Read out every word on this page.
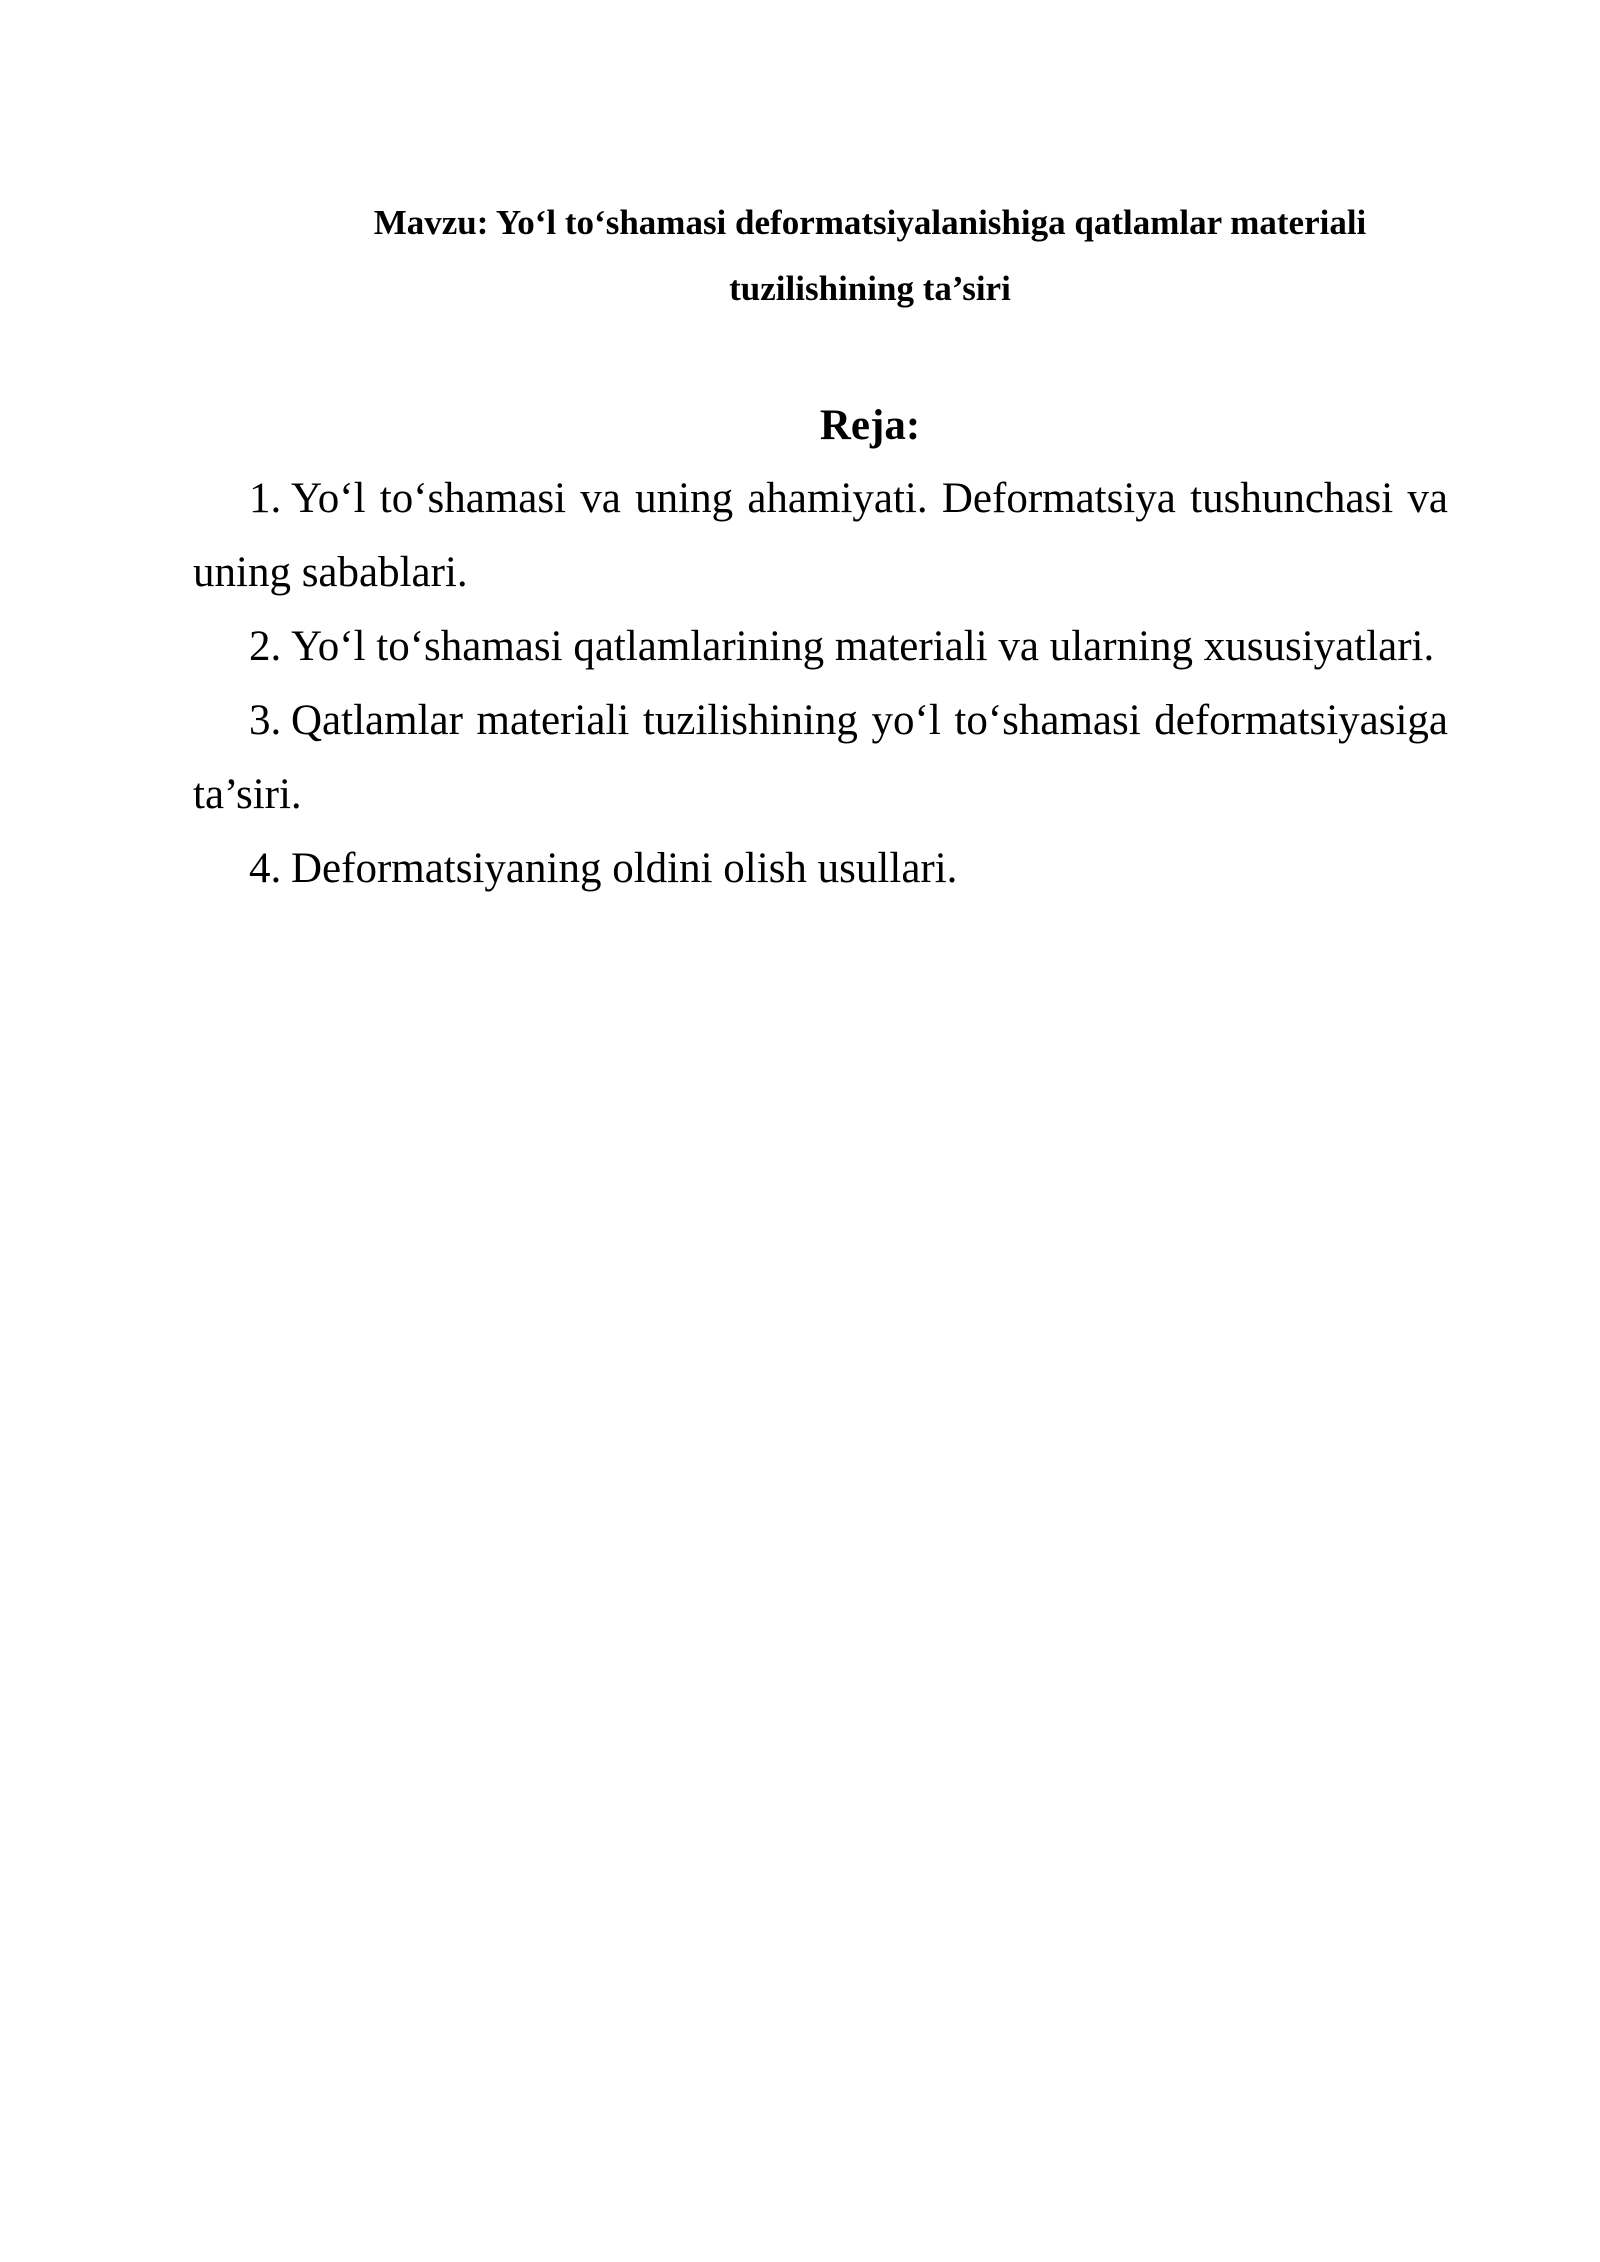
Mavzu: Yo‘l to‘shamasi deformatsiyalanishiga qatlamlar materiali
tuzilishining ta’siri
Reja:
1. Yo‘l to‘shamasi va uning ahamiyati. Deformatsiya tushunchasi va uning sabablari.
2. Yo‘l to‘shamasi qatlamlarining materiali va ularning xususiyatlari.
3. Qatlamlar materiali tuzilishining yo‘l to‘shamasi deformatsiyasiga ta’siri.
4. Deformatsiyaning oldini olish usullari.
